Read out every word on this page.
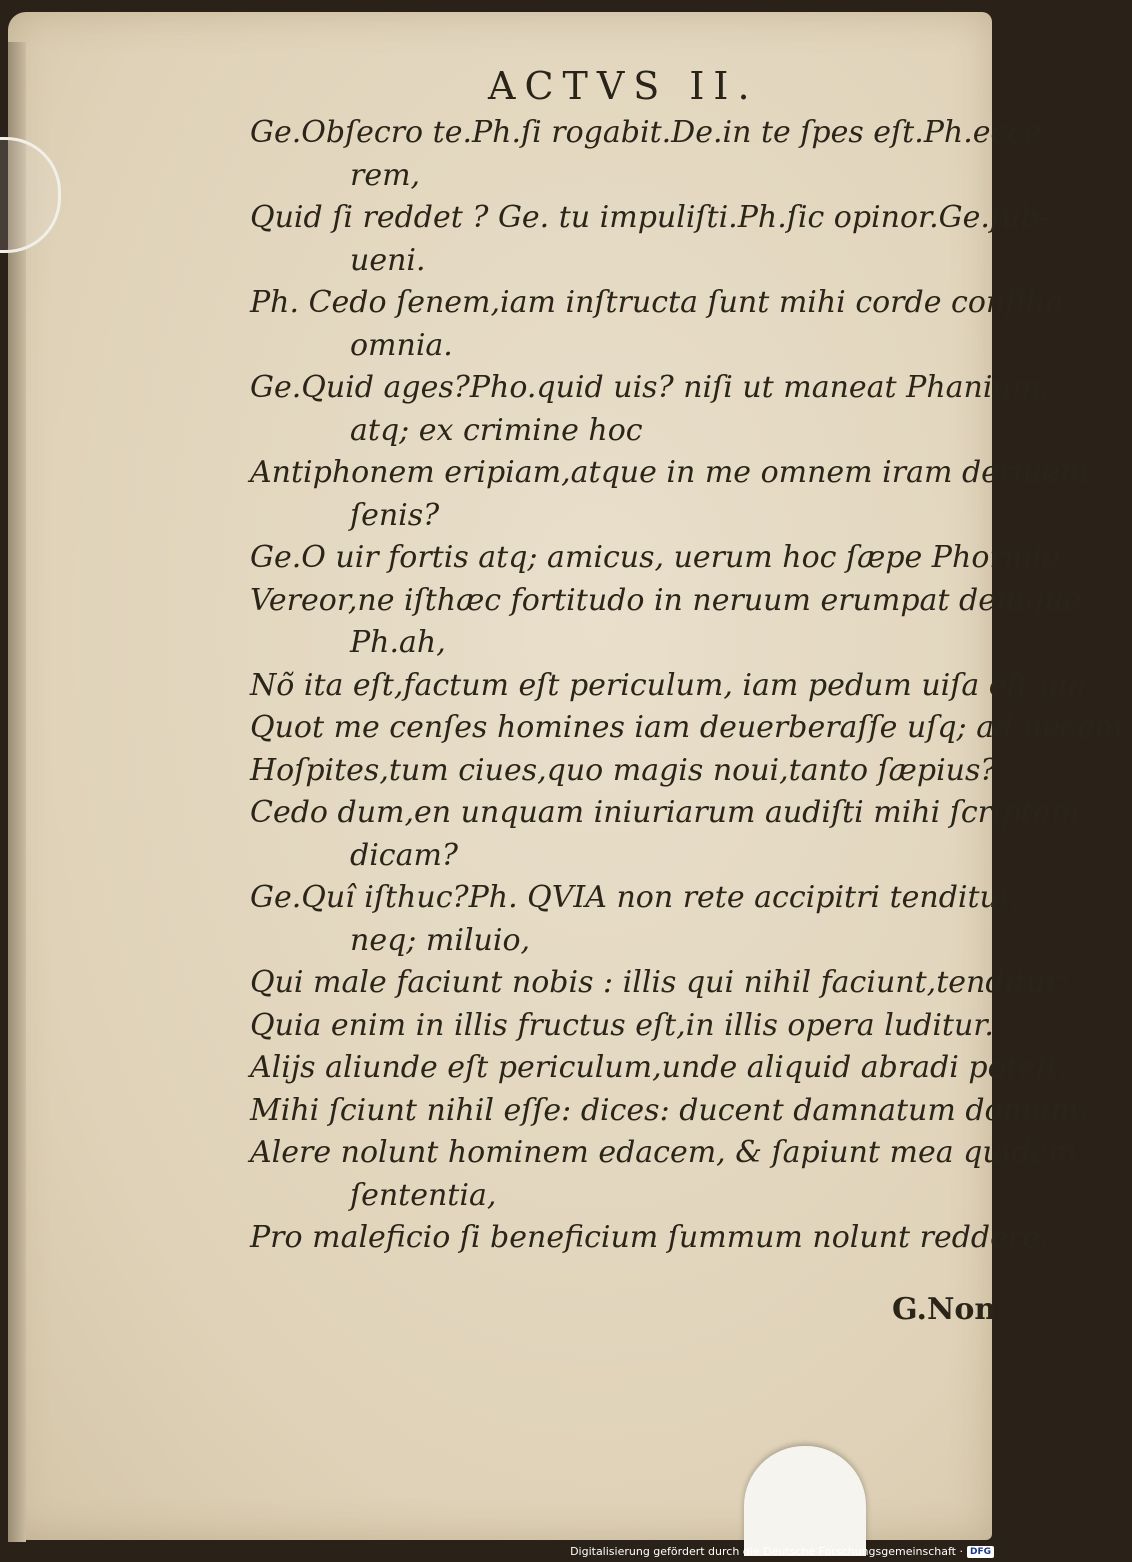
ACTVS II.
Ge.Obſecro te.Ph.ſi rogabit.De.in te ſpes eſt.Ph.ecce
rem,
Quid ſi reddet ? Ge. tu impuliſti.Ph.ſic opinor.Ge.ſub-
ueni.
Ph. Cedo ſenem,iam inſtructa ſunt mihi corde conſilia
omnia.
Ge.Quid ages?Pho.quid uis? niſi ut maneat Phanium,
atq; ex crimine hoc
Antiphonem eripiam,atque in me omnem iram deriuem
ſenis?
Ge.O uir fortis atq; amicus, uerum hoc ſæpe Phormio
Vereor,ne iſthæc fortitudo in neruum erumpat denique.
Ph.ah,
Nõ ita eſt,factum eſt periculum, iam pedum uiſa eſt uia.
Quot me cenſes homines iam deuerberaſſe uſq; ad necem,
Hoſpites,tum ciues,quo magis noui,tanto ſæpius?
Cedo dum,en unquam iniuriarum audiſti mihi ſcriptam
dicam?
Ge.Quî iſthuc?Ph. QVIA non rete accipitri tenditur,
neq; miluio,
Qui male faciunt nobis : illis qui nihil faciunt,tenditur:
Quia enim in illis fructus eſt,in illis opera luditur.
Alijs aliunde eſt periculum,unde aliquid abradi poteſt,
Mihi ſciunt nihil eſſe: dices: ducent damnatum domum.
Alere nolunt hominem edacem, & ſapiunt mea quidem
ſententia,
Pro maleficio ſi beneficium ſummum nolunt reddere.
G.Non
Digitalisierung gefördert durch die Deutsche Forschungsgemeinschaft · DFG
